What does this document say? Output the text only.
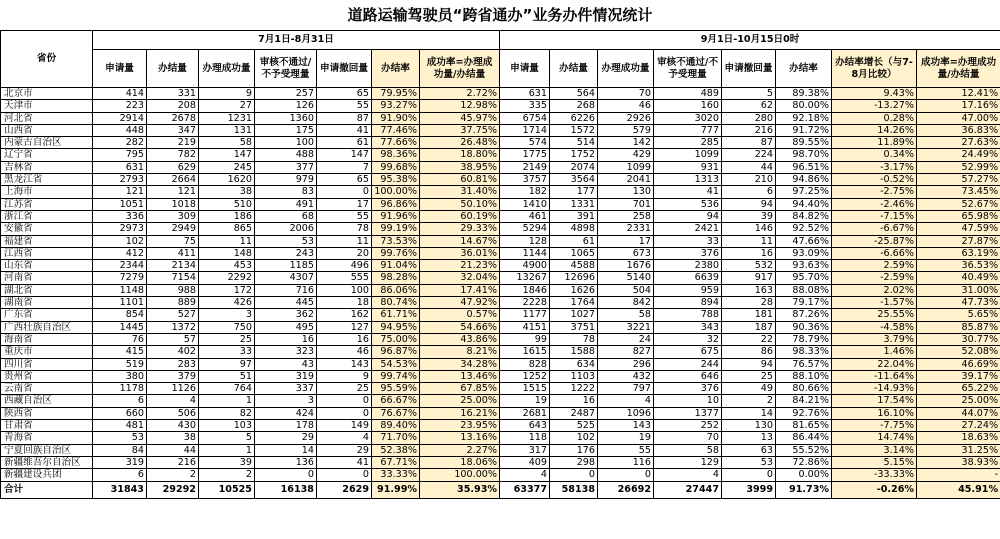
道路运输驾驶员“跨省通办”业务办件情况统计
省份	7月1日-8月31日							9月1日-10月15日0时							
	申请量	办结量	办理成功量	审核不通过/不予受理量	申请撤回量	办结率	成功率=办理成功量/办结量	申请量	办结量	办理成功量	审核不通过/不予受理量	申请撤回量	办结率	办结率增长（与7-8月比较）	成功率=办理成功量/办结量
北京市	414	331	9	257	65	79.95%	2.72%	631	564	70	489	5	89.38%	9.43%	12.41%
天津市	223	208	27	126	55	93.27%	12.98%	335	268	46	160	62	80.00%	-13.27%	17.16%
河北省	2914	2678	1231	1360	87	91.90%	45.97%	6754	6226	2926	3020	280	92.18%	0.28%	47.00%
山西省	448	347	131	175	41	77.46%	37.75%	1714	1572	579	777	216	91.72%	14.26%	36.83%
内蒙古自治区	282	219	58	100	61	77.66%	26.48%	574	514	142	285	87	89.55%	11.89%	27.63%
辽宁省	795	782	147	488	147	98.36%	18.80%	1775	1752	429	1099	224	98.70%	0.34%	24.49%
吉林省	631	629	245	377	7	99.68%	38.95%	2149	2074	1099	931	44	96.51%	-3.17%	52.99%
黑龙江省	2793	2664	1620	979	65	95.38%	60.81%	3757	3564	2041	1313	210	94.86%	-0.52%	57.27%
上海市	121	121	38	83	0	100.00%	31.40%	182	177	130	41	6	97.25%	-2.75%	73.45%
江苏省	1051	1018	510	491	17	96.86%	50.10%	1410	1331	701	536	94	94.40%	-2.46%	52.67%
浙江省	336	309	186	68	55	91.96%	60.19%	461	391	258	94	39	84.82%	-7.15%	65.98%
安徽省	2973	2949	865	2006	78	99.19%	29.33%	5294	4898	2331	2421	146	92.52%	-6.67%	47.59%
福建省	102	75	11	53	11	73.53%	14.67%	128	61	17	33	11	47.66%	-25.87%	27.87%
江西省	412	411	148	243	20	99.76%	36.01%	1144	1065	673	376	16	93.09%	-6.66%	63.19%
山东省	2344	2134	453	1185	496	91.04%	21.23%	4900	4588	1676	2380	532	93.63%	2.59%	36.53%
河南省	7279	7154	2292	4307	555	98.28%	32.04%	13267	12696	5140	6639	917	95.70%	-2.59%	40.49%
湖北省	1148	988	172	716	100	86.06%	17.41%	1846	1626	504	959	163	88.08%	2.02%	31.00%
湖南省	1101	889	426	445	18	80.74%	47.92%	2228	1764	842	894	28	79.17%	-1.57%	47.73%
广东省	854	527	3	362	162	61.71%	0.57%	1177	1027	58	788	181	87.26%	25.55%	5.65%
广西壮族自治区	1445	1372	750	495	127	94.95%	54.66%	4151	3751	3221	343	187	90.36%	-4.58%	85.87%
海南省	76	57	25	16	16	75.00%	43.86%	99	78	24	32	22	78.79%	3.79%	30.77%
重庆市	415	402	33	323	46	96.87%	8.21%	1615	1588	827	675	86	98.33%	1.46%	52.08%
四川省	519	283	97	43	143	54.53%	34.28%	828	634	296	244	94	76.57%	22.04%	46.69%
贵州省	380	379	51	319	9	99.74%	13.46%	1252	1103	432	646	25	88.10%	-11.64%	39.17%
云南省	1178	1126	764	337	25	95.59%	67.85%	1515	1222	797	376	49	80.66%	-14.93%	65.22%
西藏自治区	6	4	1	3	0	66.67%	25.00%	19	16	4	10	2	84.21%	17.54%	25.00%
陕西省	660	506	82	424	0	76.67%	16.21%	2681	2487	1096	1377	14	92.76%	16.10%	44.07%
甘肃省	481	430	103	178	149	89.40%	23.95%	643	525	143	252	130	81.65%	-7.75%	27.24%
青海省	53	38	5	29	4	71.70%	13.16%	118	102	19	70	13	86.44%	14.74%	18.63%
宁夏回族自治区	84	44	1	14	29	52.38%	2.27%	317	176	55	58	63	55.52%	3.14%	31.25%
新疆维吾尔自治区	319	216	39	136	41	67.71%	18.06%	409	298	116	129	53	72.86%	5.15%	38.93%
新疆建设兵团	6	2	2	0	0	33.33%	100.00%	4	0	0	4	0	0.00%	-33.33%	-
合计	31843	29292	10525	16138	2629	91.99%	35.93%	63377	58138	26692	27447	3999	91.73%	-0.26%	45.91%
